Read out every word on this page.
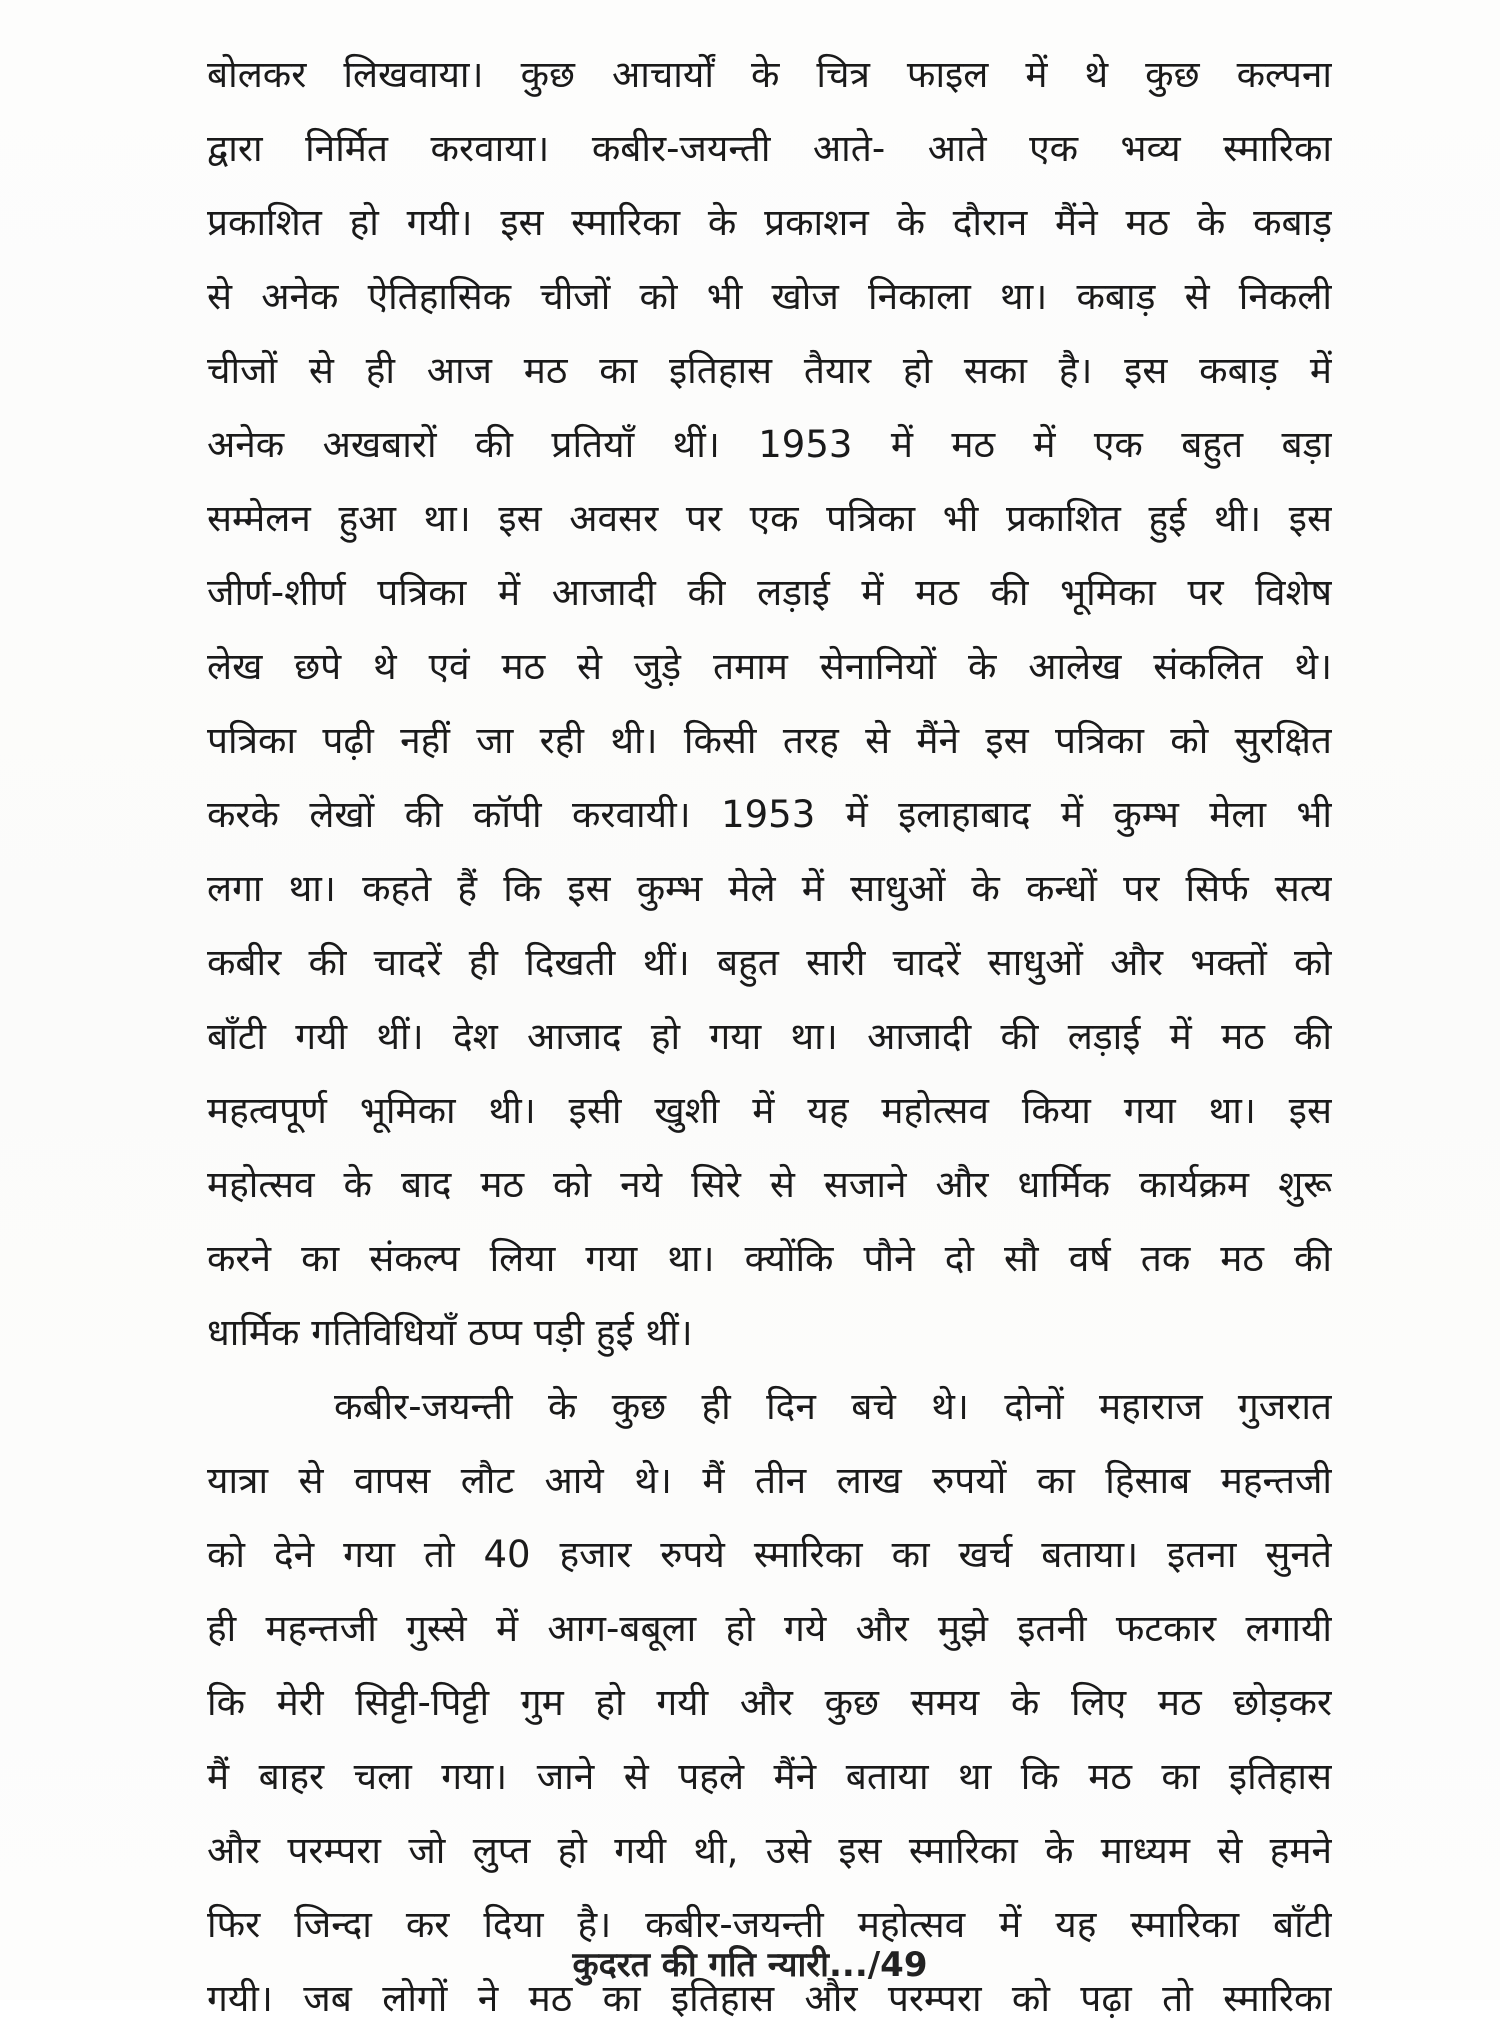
बोलकर लिखवाया। कुछ आचार्यों के चित्र फाइल में थे कुछ कल्पना
द्वारा निर्मित करवाया। कबीर-जयन्ती आते- आते एक भव्य स्मारिका
प्रकाशित हो गयी। इस स्मारिका के प्रकाशन के दौरान मैंने मठ के कबाड़
से अनेक ऐतिहासिक चीजों को भी खोज निकाला था। कबाड़ से निकली
चीजों से ही आज मठ का इतिहास तैयार हो सका है। इस कबाड़ में
अनेक अखबारों की प्रतियाँ थीं। 1953 में मठ में एक बहुत बड़ा
सम्मेलन हुआ था। इस अवसर पर एक पत्रिका भी प्रकाशित हुई थी। इस
जीर्ण-शीर्ण पत्रिका में आजादी की लड़ाई में मठ की भूमिका पर विशेष
लेख छपे थे एवं मठ से जुड़े तमाम सेनानियों के आलेख संकलित थे।
पत्रिका पढ़ी नहीं जा रही थी। किसी तरह से मैंने इस पत्रिका को सुरक्षित
करके लेखों की कॉपी करवायी। 1953 में इलाहाबाद में कुम्भ मेला भी
लगा था। कहते हैं कि इस कुम्भ मेले में साधुओं के कन्धों पर सिर्फ सत्य
कबीर की चादरें ही दिखती थीं। बहुत सारी चादरें साधुओं और भक्तों को
बाँटी गयी थीं। देश आजाद हो गया था। आजादी की लड़ाई में मठ की
महत्वपूर्ण भूमिका थी। इसी खुशी में यह महोत्सव किया गया था। इस
महोत्सव के बाद मठ को नये सिरे से सजाने और धार्मिक कार्यक्रम शुरू
करने का संकल्प लिया गया था। क्योंकि पौने दो सौ वर्ष तक मठ की
धार्मिक गतिविधियाँ ठप्प पड़ी हुई थीं।
कबीर-जयन्ती के कुछ ही दिन बचे थे। दोनों महाराज गुजरात
यात्रा से वापस लौट आये थे। मैं तीन लाख रुपयों का हिसाब महन्तजी
को देने गया तो 40 हजार रुपये स्मारिका का खर्च बताया। इतना सुनते
ही महन्तजी गुस्से में आग-बबूला हो गये और मुझे इतनी फटकार लगायी
कि मेरी सिट्टी-पिट्टी गुम हो गयी और कुछ समय के लिए मठ छोड़कर
मैं बाहर चला गया। जाने से पहले मैंने बताया था कि मठ का इतिहास
और परम्परा जो लुप्त हो गयी थी, उसे इस स्मारिका के माध्यम से हमने
फिर जिन्दा कर दिया है। कबीर-जयन्ती महोत्सव में यह स्मारिका बाँटी
गयी। जब लोगों ने मठ का इतिहास और परम्परा को पढ़ा तो स्मारिका
कुदरत की गति न्यारी.../49
